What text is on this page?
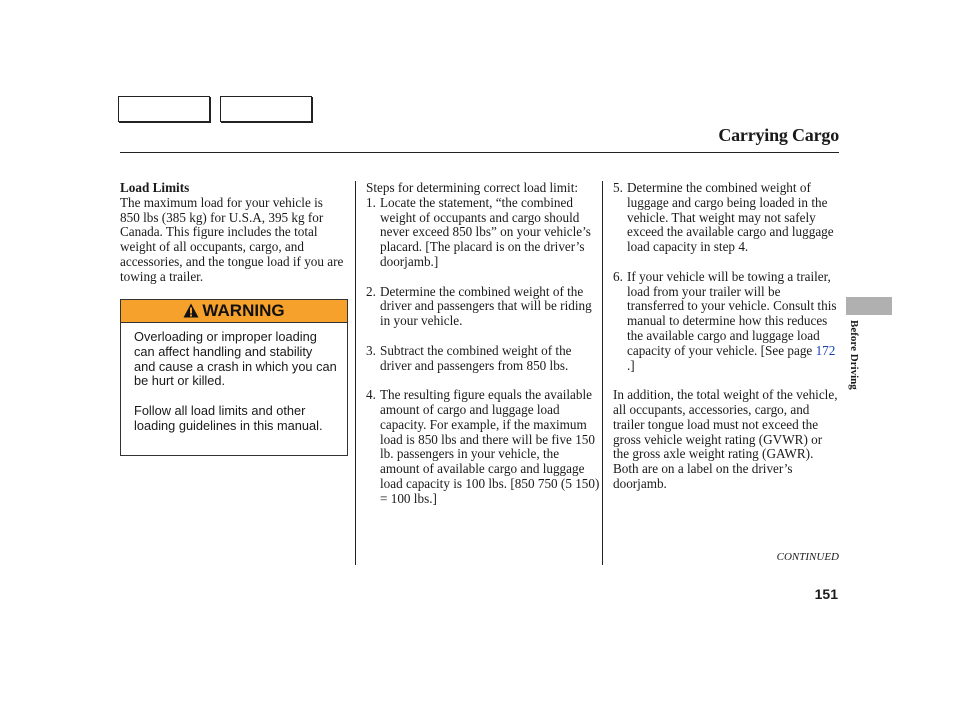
Carrying Cargo
Load Limits
The maximum load for your vehicle is 850 lbs (385 kg) for U.S.A, 395 kg for Canada. This figure includes the total weight of all occupants, cargo, and accessories, and the tongue load if you are towing a trailer.
WARNING
Overloading or improper loading can affect handling and stability and cause a crash in which you can be hurt or killed.
Follow all load limits and other loading guidelines in this manual.
Steps for determining correct load limit:
1. Locate the statement, “the combined weight of occupants and cargo should never exceed 850 lbs” on your vehicle’s placard. [The placard is on the driver’s doorjamb.]
2. Determine the combined weight of the driver and passengers that will be riding in your vehicle.
3. Subtract the combined weight of the driver and passengers from 850 lbs.
4. The resulting figure equals the available amount of cargo and luggage load capacity. For example, if the maximum load is 850 lbs and there will be five 150 lb. passengers in your vehicle, the amount of available cargo and luggage load capacity is 100 lbs. [850 750 (5 150) = 100 lbs.]
5. Determine the combined weight of luggage and cargo being loaded in the vehicle. That weight may not safely exceed the available cargo and luggage load capacity in step 4.
6. If your vehicle will be towing a trailer, load from your trailer will be transferred to your vehicle. Consult this manual to determine how this reduces the available cargo and luggage load capacity of your vehicle. [See page 172 .]
In addition, the total weight of the vehicle, all occupants, accessories, cargo, and trailer tongue load must not exceed the gross vehicle weight rating (GVWR) or the gross axle weight rating (GAWR). Both are on a label on the driver’s doorjamb.
Before Driving
CONTINUED
151
